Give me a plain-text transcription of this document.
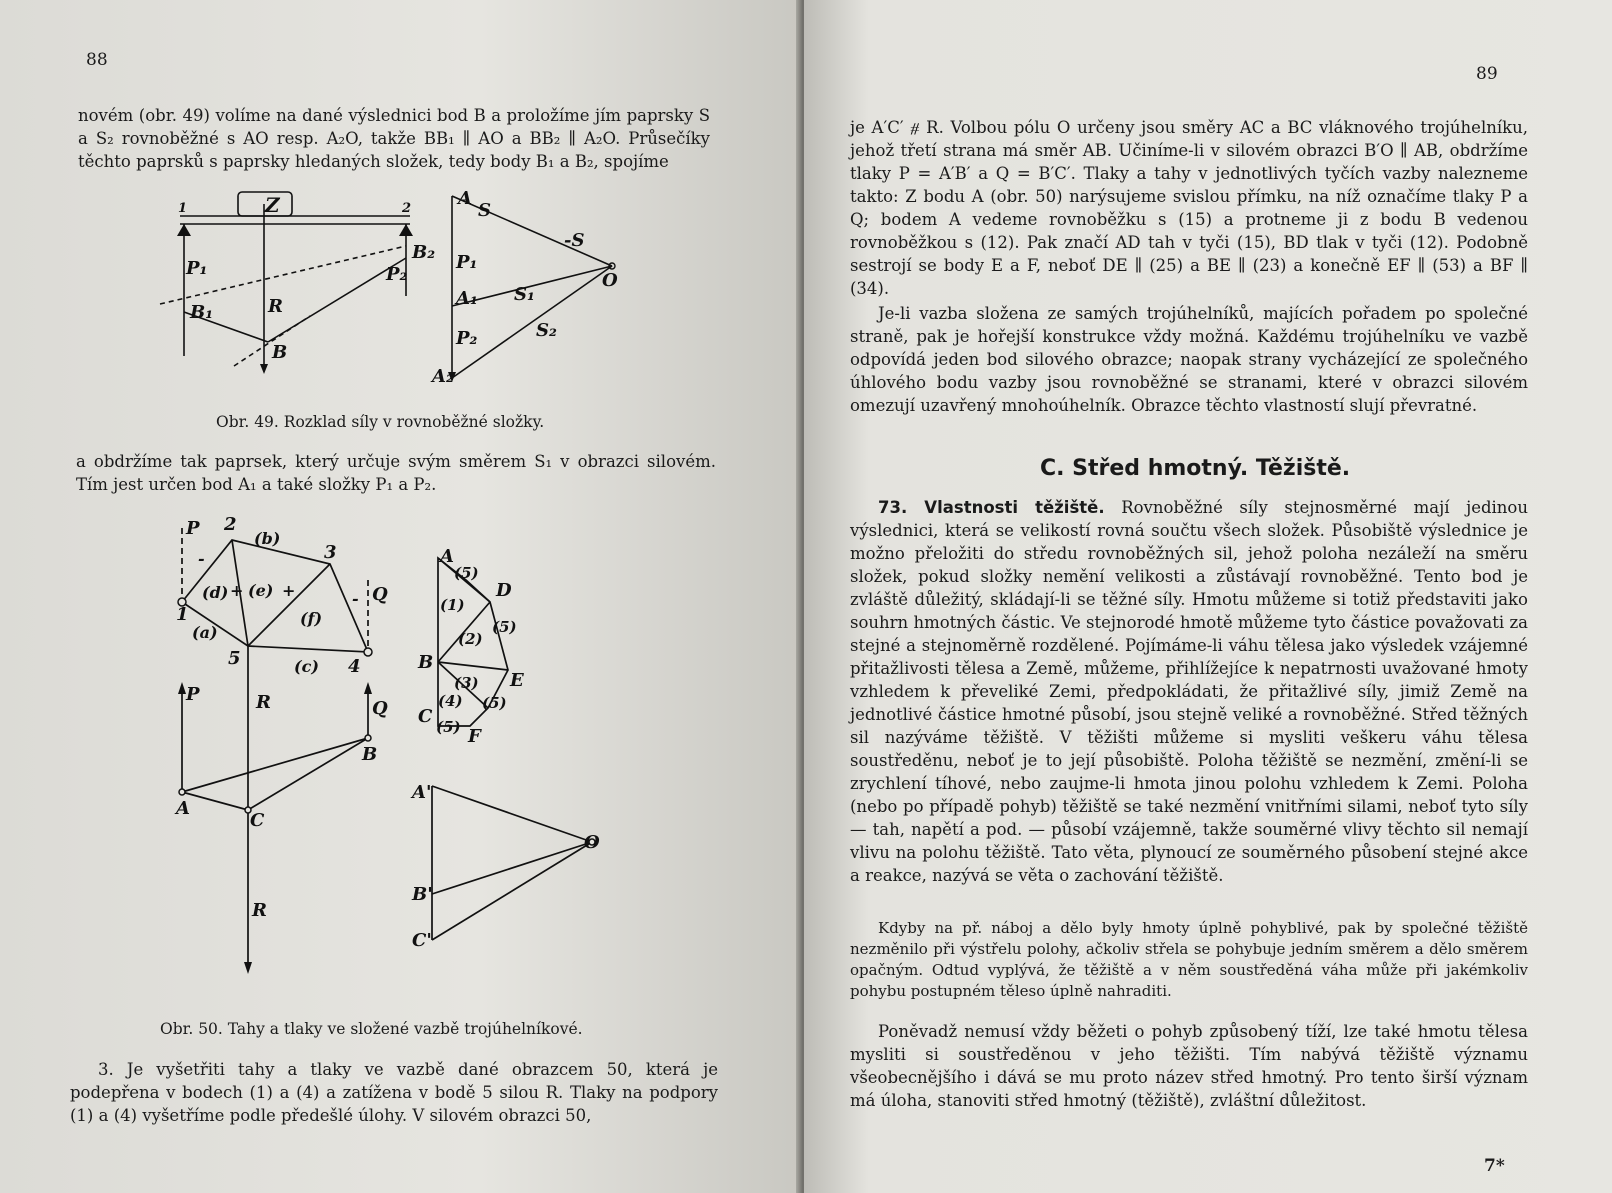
88

novém (obr. 49) volíme na dané výslednici bod B a proložíme jím paprsky S a S₂ rovnoběžné s AO resp. A₂O, takže BB₁ ∥ AO a BB₂ ∥ A₂O. Průsečíky těchto paprsků s paprsky hledaných složek, tedy body B₁ a B₂, spojíme

Z
1	2
P₁
B₂
P₂
B₁	R
B
A
S
-S
O
P₁
A₁ S₁
P₂	S₂
A₂
Obr. 49. Rozklad síly v rovnoběžné složky.

a obdržíme tak paprsek, který určuje svým směrem S₁ v obrazci silovém. Tím jest určen bod A₁ a také složky P₁ a P₂.

P 2
(b)
3
(d) + (e) +
(f)
-
- Q
1
(a)
5	(c) 4
P	R	Q
B
A
C
R
A
D
E
B
C
F
(5)
(1)
(2)
(5)
(3)
(4) (5)
(5)
A'
O
B'
C'
Obr. 50. Tahy a tlaky ve složené vazbě trojúhelníkové.

3. Je vyšetřiti tahy a tlaky ve vazbě dané obrazcem 50, která je podepřena v bodech (1) a (4) a zatížena v bodě 5 silou R. Tlaky na podpory (1) a (4) vyšetříme podle předešlé úlohy. V silovém obrazci 50,

89

je A′C′ ⧣ R. Volbou pólu O určeny jsou směry AC a BC vláknového trojúhelníku, jehož třetí strana má směr AB. Učiníme-li v silovém obrazci B′O ∥ AB, obdržíme tlaky P = A′B′ a Q = B′C′. Tlaky a tahy v jednotlivých tyčích vazby nalezneme takto: Z bodu A (obr. 50) narýsujeme svislou přímku, na níž označíme tlaky P a Q; bodem A vedeme rovnoběžku s (15) a protneme ji z bodu B vedenou rovnoběžkou s (12). Pak značí AD tah v tyči (15), BD tlak v tyči (12). Podobně sestrojí se body E a F, neboť DE ∥ (25) a BE ∥ (23) a konečně EF ∥ (53) a BF ∥ (34).

Je-li vazba složena ze samých trojúhelníků, majících pořadem po společné straně, pak je hořejší konstrukce vždy možná. Každému trojúhelníku ve vazbě odpovídá jeden bod silového obrazce; naopak strany vycházející ze společného úhlového bodu vazby jsou rovnoběžné se stranami, které v obrazci silovém omezují uzavřený mnohoúhelník. Obrazce těchto vlastností slují převratné.

C. Střed hmotný. Těžiště.

73. Vlastnosti těžiště. Rovnoběžné síly stejnosměrné mají jedinou výslednici, která se velikostí rovná součtu všech složek. Působiště výslednice je možno přeložiti do středu rovnoběžných sil, jehož poloha nezáleží na směru složek, pokud složky nemění velikosti a zůstávají rovnoběžné. Tento bod je zvláště důležitý, skládají-li se těžné síly. Hmotu můžeme si totiž představiti jako souhrn hmotných částic. Ve stejnorodé hmotě můžeme tyto částice považovati za stejné a stejnoměrně rozdělené. Pojímáme-li váhu tělesa jako výsledek vzájemné přitažlivosti tělesa a Země, můžeme, přihlížejíce k nepatrnosti uvažované hmoty vzhledem k převeliké Zemi, předpokládati, že přitažlivé síly, jimiž Země na jednotlivé částice hmotné působí, jsou stejně veliké a rovnoběžné. Střed těžných sil nazýváme těžiště. V těžišti můžeme si mysliti veškeru váhu tělesa soustředěnu, neboť je to její působiště. Poloha těžiště se nezmění, změní-li se zrychlení tíhové, nebo zaujme-li hmota jinou polohu vzhledem k Zemi. Poloha (nebo po případě pohyb) těžiště se také nezmění vnitřními silami, neboť tyto síly — tah, napětí a pod. — působí vzájemně, takže souměrné vlivy těchto sil nemají vlivu na polohu těžiště. Tato věta, plynoucí ze souměrného působení stejné akce a reakce, nazývá se věta o zachování těžiště.

Kdyby na př. náboj a dělo byly hmoty úplně pohyblivé, pak by společné těžiště nezměnilo při výstřelu polohy, ačkoliv střela se pohybuje jedním směrem a dělo směrem opačným. Odtud vyplývá, že těžiště a v něm soustředěná váha může při jakémkoliv pohybu postupném těleso úplně nahraditi.

Poněvadž nemusí vždy běžeti o pohyb způsobený tíží, lze také hmotu tělesa mysliti si soustředěnou v jeho těžišti. Tím nabývá těžiště významu všeobecnějšího i dává se mu proto název střed hmotný. Pro tento širší význam má úloha, stanoviti střed hmotný (těžiště), zvláštní důležitost.

7*
